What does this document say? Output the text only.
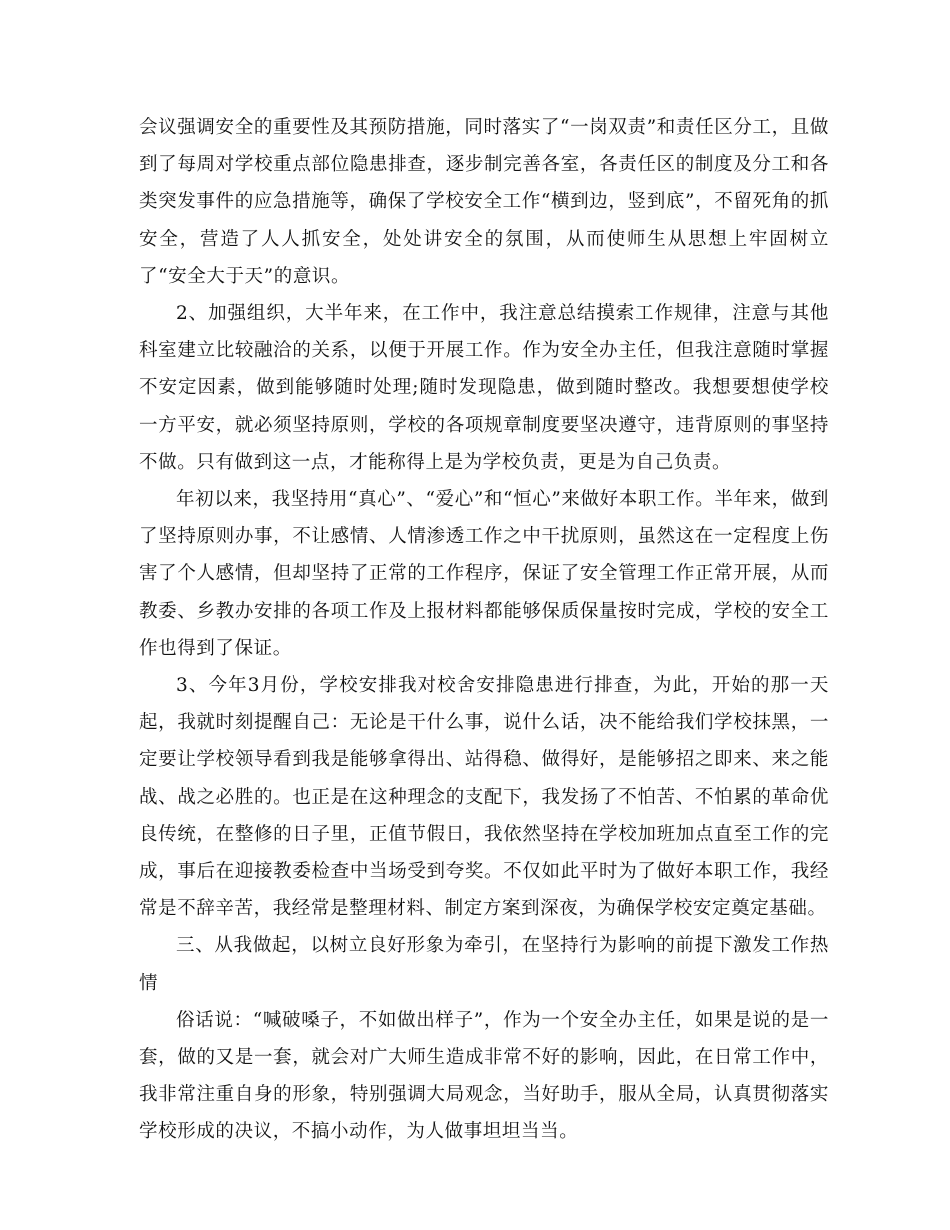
会议强调安全的重要性及其预防措施，同时落实了“一岗双责”和责任区分工，且做到了每周对学校重点部位隐患排查，逐步制完善各室，各责任区的制度及分工和各类突发事件的应急措施等，确保了学校安全工作“横到边，竖到底”，不留死角的抓安全，营造了人人抓安全，处处讲安全的氛围，从而使师生从思想上牢固树立了“安全大于天”的意识。

2、加强组织，大半年来，在工作中，我注意总结摸索工作规律，注意与其他科室建立比较融洽的关系，以便于开展工作。作为安全办主任，但我注意随时掌握不安定因素，做到能够随时处理;随时发现隐患，做到随时整改。我想要想使学校一方平安，就必须坚持原则，学校的各项规章制度要坚决遵守，违背原则的事坚持不做。只有做到这一点，才能称得上是为学校负责，更是为自己负责。

年初以来，我坚持用“真心”、“爱心”和“恒心”来做好本职工作。半年来，做到了坚持原则办事，不让感情、人情渗透工作之中干扰原则，虽然这在一定程度上伤害了个人感情，但却坚持了正常的工作程序，保证了安全管理工作正常开展，从而教委、乡教办安排的各项工作及上报材料都能够保质保量按时完成，学校的安全工作也得到了保证。

3、今年3月份，学校安排我对校舍安排隐患进行排查，为此，开始的那一天起，我就时刻提醒自己：无论是干什么事，说什么话，决不能给我们学校抹黑，一定要让学校领导看到我是能够拿得出、站得稳、做得好，是能够招之即来、来之能战、战之必胜的。也正是在这种理念的支配下，我发扬了不怕苦、不怕累的革命优良传统，在整修的日子里，正值节假日，我依然坚持在学校加班加点直至工作的完成，事后在迎接教委检查中当场受到夸奖。不仅如此平时为了做好本职工作，我经常是不辞辛苦，我经常是整理材料、制定方案到深夜，为确保学校安定奠定基础。

三、从我做起，以树立良好形象为牵引，在坚持行为影响的前提下激发工作热情

俗话说：“喊破嗓子，不如做出样子”，作为一个安全办主任，如果是说的是一套，做的又是一套，就会对广大师生造成非常不好的影响，因此，在日常工作中，我非常注重自身的形象，特别强调大局观念，当好助手，服从全局，认真贯彻落实学校形成的决议，不搞小动作，为人做事坦坦当当。
